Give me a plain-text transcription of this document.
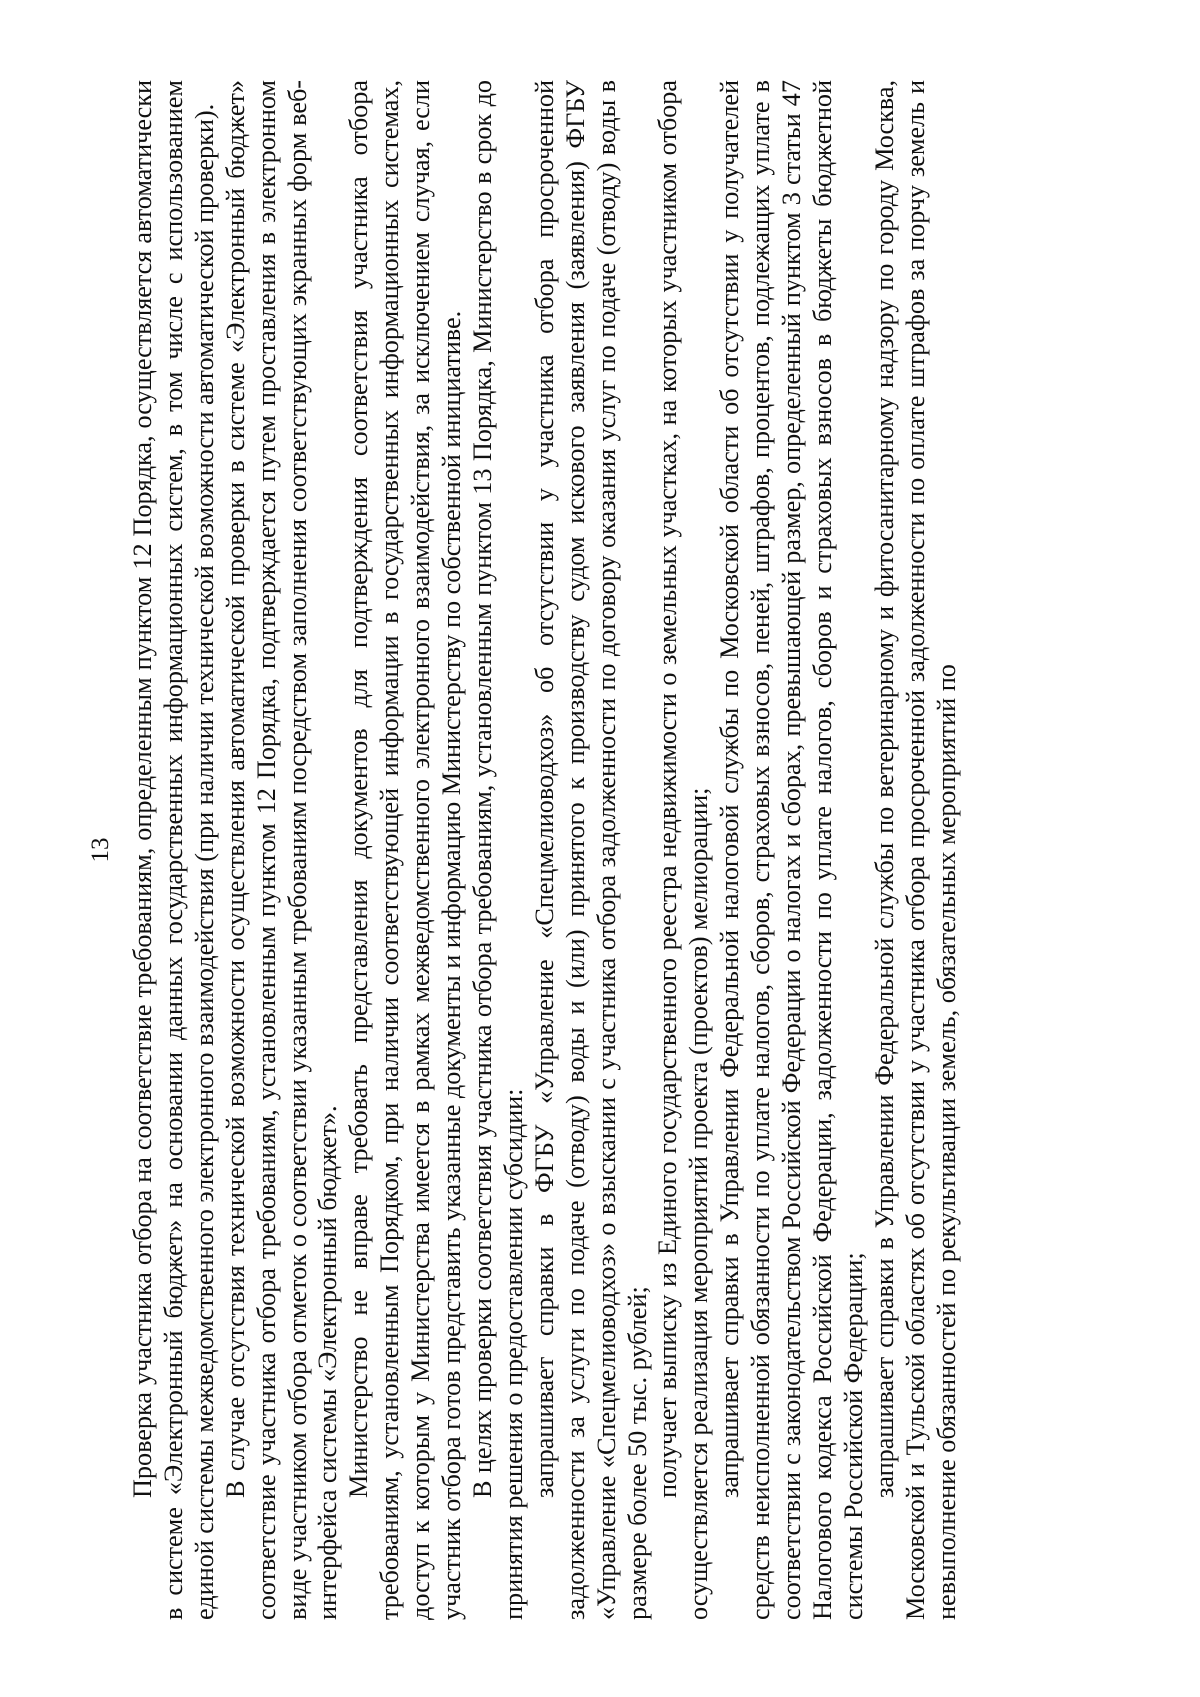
13 Проверка участника отбора на соответствие требованиям, определенным пунктом 12 Порядка, осуществляется автоматически в системе «Электронный бюджет» на основании данных государственных информационных систем, в том числе с использованием единой системы межведомственного электронного взаимодействия (при наличии технической возможности автоматической проверки). В случае отсутствия технической возможности осуществления автоматической проверки в системе «Электронный бюджет» соответствие участника отбора требованиям, установленным пунктом 12 Порядка, подтверждается путем проставления в электронном виде участником отбора отметок о соответствии указанным требованиям посредством заполнения соответствующих экранных форм веб-интерфейса системы «Электронный бюджет». Министерство не вправе требовать представления документов для подтверждения соответствия участника отбора требованиям, установленным Порядком, при наличии соответствующей информации в государственных информационных системах, доступ к которым у Министерства имеется в рамках межведомственного электронного взаимодействия, за исключением случая, если участник отбора готов представить указанные документы и информацию Министерству по собственной инициативе. В целях проверки соответствия участника отбора требованиям, установленным пунктом 13 Порядка, Министерство в срок до принятия решения о предоставлении субсидии: запрашивает справки в ФГБУ «Управление «Спецмелиоводхоз» об отсутствии у участника отбора просроченной задолженности за услуги по подаче (отводу) воды и (или) принятого к производству судом искового заявления (заявления) ФГБУ «Управление «Спецмелиоводхоз» о взыскании с участника отбора задолженности по договору оказания услуг по подаче (отводу) воды в размере более 50 тыс. рублей; получает выписку из Единого государственного реестра недвижимости о земельных участках, на которых участником отбора осуществляется реализация мероприятий проекта (проектов) мелиорации; запрашивает справки в Управлении Федеральной налоговой службы по Московской области об отсутствии у получателей средств неисполненной обязанности по уплате налогов, сборов, страховых взносов, пеней, штрафов, процентов, подлежащих уплате в соответствии с законодательством Российской Федерации о налогах и сборах, превышающей размер, определенный пунктом 3 статьи 47 Налогового кодекса Российской Федерации, задолженности по уплате налогов, сборов и страховых взносов в бюджеты бюджетной системы Российской Федерации; запрашивает справки в Управлении Федеральной службы по ветеринарному и фитосанитарному надзору по городу Москва, Московской и Тульской областях об отсутствии у участника отбора просроченной задолженности по оплате штрафов за порчу земель и невыполнение обязанностей по рекультивации земель, обязательных мероприятий по
